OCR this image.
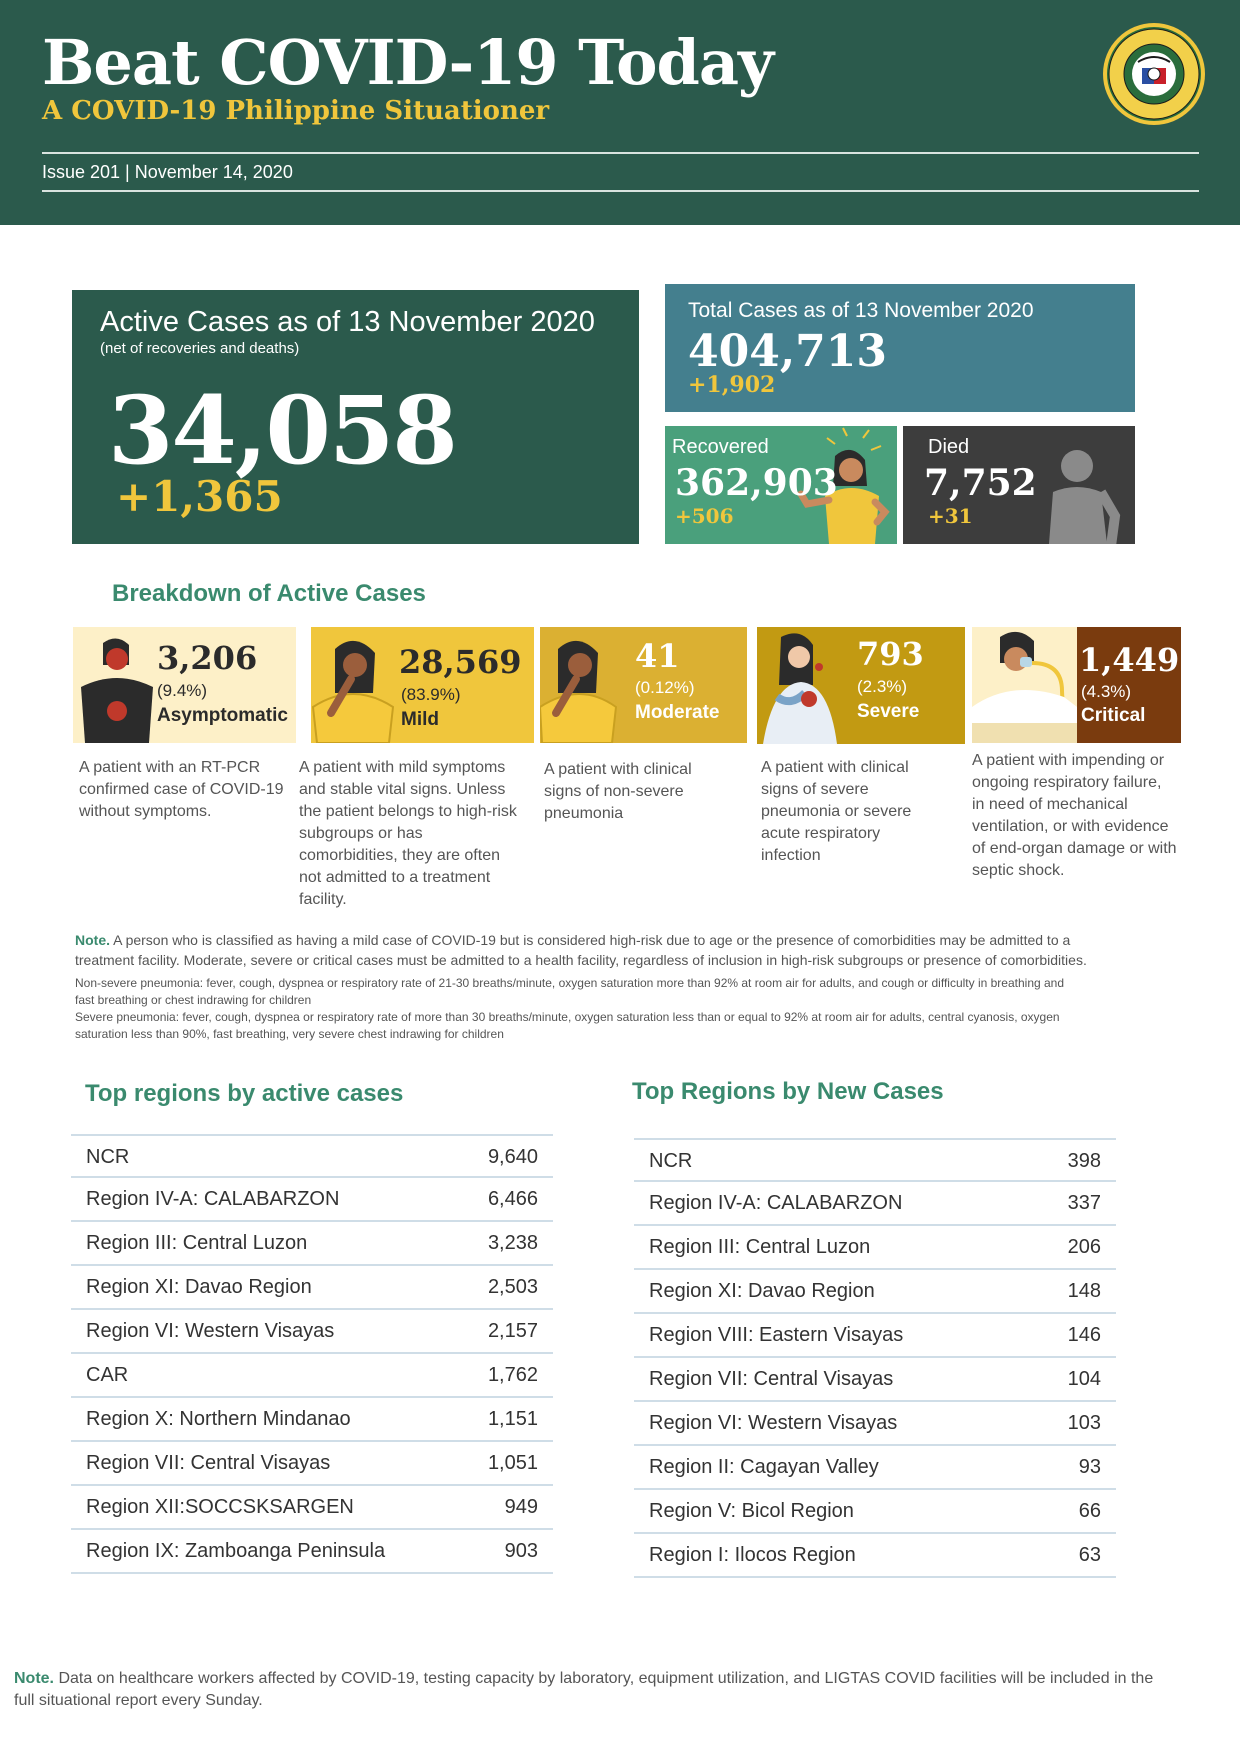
Beat COVID-19 Today
A COVID-19 Philippine Situationer
Issue 201 | November 14, 2020
Active Cases as of 13 November 2020
(net of recoveries and deaths)
34,058
+1,365
Total Cases as of 13 November 2020
404,713
+1,902
Recovered
362,903
+506
Died
7,752
+31
Breakdown of Active Cases
3,206
(9.4%)
Asymptomatic
A patient with an RT-PCR
confirmed case of COVID-19
without symptoms.
28,569
(83.9%)
Mild
A patient with mild symptoms
and stable vital signs. Unless
the patient belongs to high-risk
subgroups or has
comorbidities, they are often
not admitted to a treatment
facility.
41
(0.12%)
Moderate
A patient with clinical
signs of non-severe
pneumonia
793
(2.3%)
Severe
A patient with clinical
signs of severe
pneumonia or severe
acute respiratory
infection
1,449
(4.3%)
Critical
A patient with impending or
ongoing respiratory failure,
in need of mechanical
ventilation, or with evidence
of end-organ damage or with
septic shock.
Note. A person who is classified as having a mild case of COVID-19 but is considered high-risk due to age or the presence of comorbidities may be admitted to a
treatment facility. Moderate, severe or critical cases must be admitted to a health facility, regardless of inclusion in high-risk subgroups or presence of comorbidities.
Non-severe pneumonia: fever, cough, dyspnea or respiratory rate of 21-30 breaths/minute, oxygen saturation more than 92% at room air for adults, and cough or difficulty in breathing and
fast breathing or chest indrawing for children
Severe pneumonia: fever, cough, dyspnea or respiratory rate of more than 30 breaths/minute, oxygen saturation less than or equal to 92% at room air for adults, central cyanosis, oxygen
saturation less than 90%, fast breathing, very severe chest indrawing for children
Top regions by active cases
NCR	9,640
Region IV-A: CALABARZON	6,466
Region III: Central Luzon	3,238
Region XI: Davao Region	2,503
Region VI: Western Visayas	2,157
CAR	1,762
Region X: Northern Mindanao	1,151
Region VII: Central Visayas	1,051
Region XII:SOCCSKSARGEN	949
Region IX: Zamboanga Peninsula	903
Top Regions by New Cases
NCR	398
Region IV-A: CALABARZON	337
Region III: Central Luzon	206
Region XI: Davao Region	148
Region VIII: Eastern Visayas	146
Region VII: Central Visayas	104
Region VI: Western Visayas	103
Region II: Cagayan Valley	93
Region V: Bicol Region	66
Region I: Ilocos Region	63
Note. Data on healthcare workers affected by COVID-19, testing capacity by laboratory, equipment utilization, and LIGTAS COVID facilities will be included in the
full situational report every Sunday.
